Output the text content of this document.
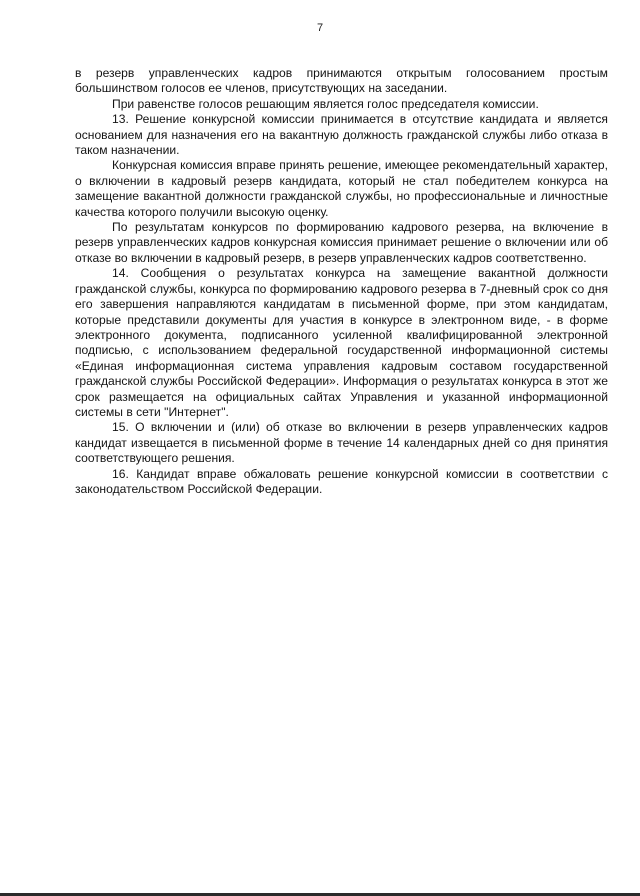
7

в резерв управленческих кадров принимаются открытым голосованием простым большинством голосов ее членов, присутствующих на заседании.

При равенстве голосов решающим является голос председателя комиссии.

13. Решение конкурсной комиссии принимается в отсутствие кандидата и является основанием для назначения его на вакантную должность гражданской службы либо отказа в таком назначении.

Конкурсная комиссия вправе принять решение, имеющее рекомендательный характер, о включении в кадровый резерв кандидата, который не стал победителем конкурса на замещение вакантной должности гражданской службы, но профессиональные и личностные качества которого получили высокую оценку.

По результатам конкурсов по формированию кадрового резерва, на включение в резерв управленческих кадров конкурсная комиссия принимает решение о включении или об отказе во включении в кадровый резерв, в резерв управленческих кадров соответственно.

14. Сообщения о результатах конкурса на замещение вакантной должности гражданской службы, конкурса по формированию кадрового резерва в 7-дневный срок со дня его завершения направляются кандидатам в письменной форме, при этом кандидатам, которые представили документы для участия в конкурсе в электронном виде, - в форме электронного документа, подписанного усиленной квалифицированной электронной подписью, с использованием федеральной государственной информационной системы «Единая информационная система управления кадровым составом государственной гражданской службы Российской Федерации». Информация о результатах конкурса в этот же срок размещается на официальных сайтах Управления и указанной информационной системы в сети "Интернет".

15. О включении и (или) об отказе во включении в резерв управленческих кадров кандидат извещается в письменной форме в течение 14 календарных дней со дня принятия соответствующего решения.

16. Кандидат вправе обжаловать решение конкурсной комиссии в соответствии с законодательством Российской Федерации.
